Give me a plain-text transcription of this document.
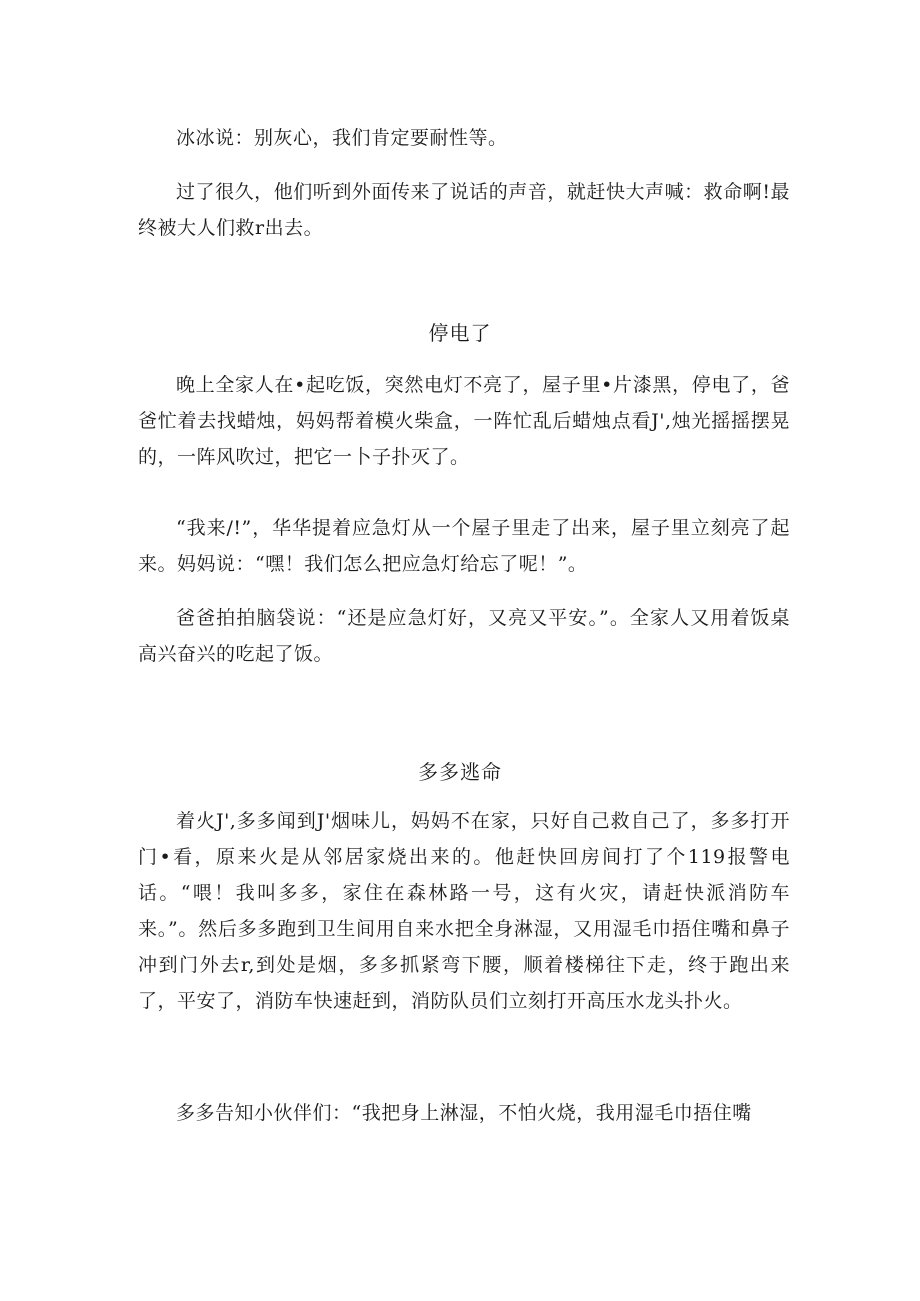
冰冰说：别灰心，我们肯定要耐性等。

过了很久，他们听到外面传来了说话的声音，就赶快大声喊：救命啊!最终被大人们救r出去。

停电了

晚上全家人在•起吃饭，突然电灯不亮了，屋子里•片漆黑，停电了，爸爸忙着去找蜡烛，妈妈帮着模火柴盒，一阵忙乱后蜡烛点看J',烛光摇摇摆晃的，一阵风吹过，把它一卜子扑灭了。

“我来/!”，华华提着应急灯从一个屋子里走了出来，屋子里立刻亮了起来。妈妈说：“嘿！我们怎么把应急灯给忘了呢！”。

爸爸拍拍脑袋说：“还是应急灯好，又亮又平安。”。全家人又用着饭桌高兴奋兴的吃起了饭。

多多逃命

着火J',多多闻到J'烟味儿，妈妈不在家，只好自己救自己了，多多打开门•看，原来火是从邻居家烧出来的。他赶快回房间打了个119报警电话。“喂！我叫多多，家住在森林路一号，这有火灾，请赶快派消防车来。”。然后多多跑到卫生间用自来水把全身淋湿，又用湿毛巾捂住嘴和鼻子冲到门外去r,到处是烟，多多抓紧弯下腰，顺着楼梯往下走，终于跑出来了，平安了，消防车快速赶到，消防队员们立刻打开高压水龙头扑火。

多多告知小伙伴们：“我把身上淋湿，不怕火烧，我用湿毛巾捂住嘴
